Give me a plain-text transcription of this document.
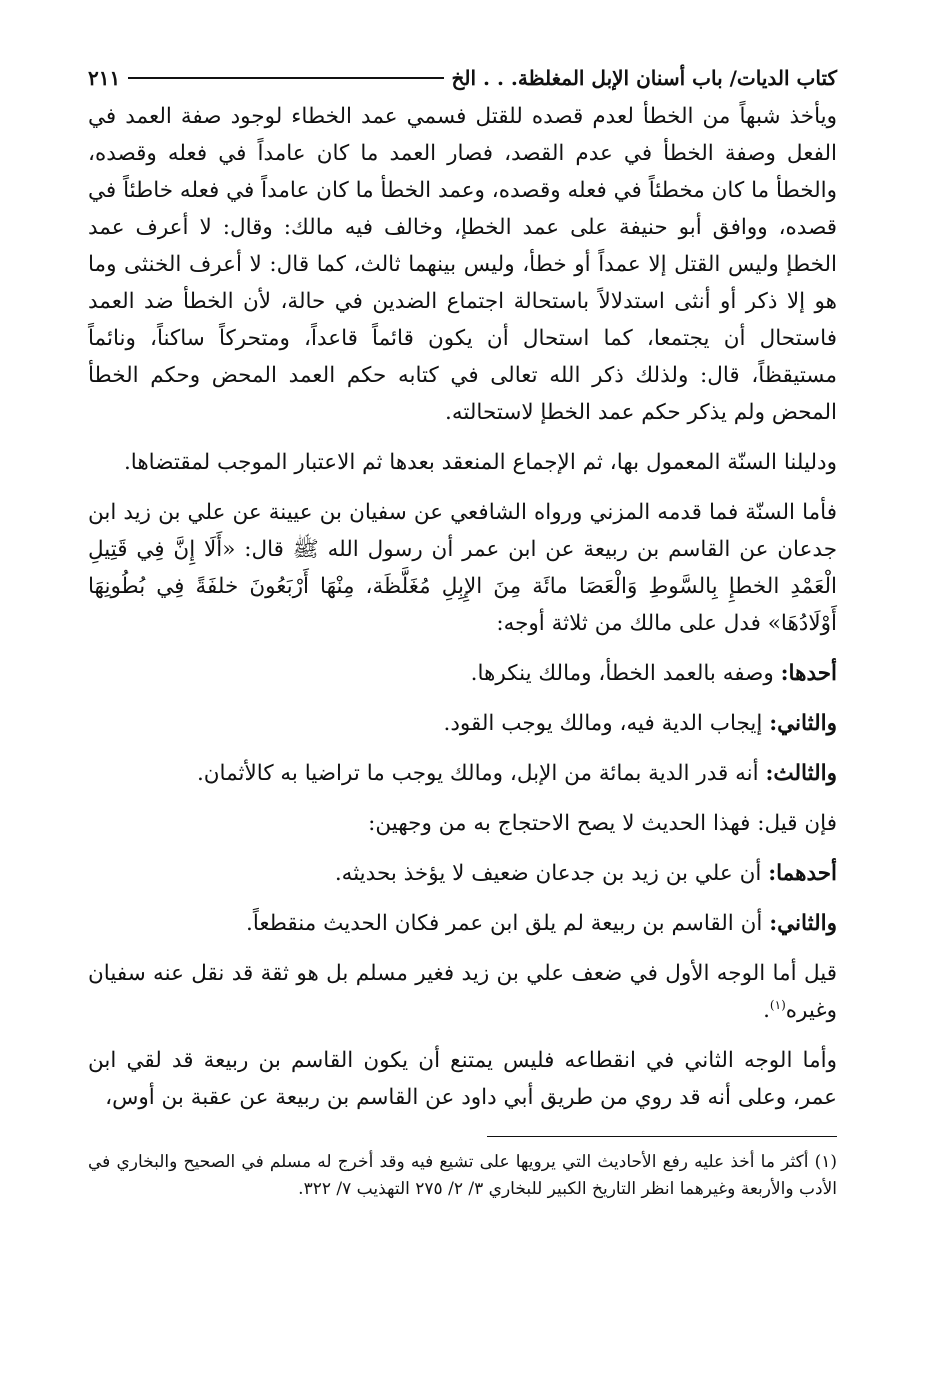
كتاب الديات/ باب أسنان الإبل المغلظة. . . الخ
٢١١

ويأخذ شبهاً من الخطأ لعدم قصده للقتل فسمي عمد الخطاء لوجود صفة العمد في الفعل وصفة الخطأ في عدم القصد، فصار العمد ما كان عامداً في فعله وقصده، والخطأ ما كان مخطئاً في فعله وقصده، وعمد الخطأ ما كان عامداً في فعله خاطئاً في قصده، ووافق أبو حنيفة على عمد الخطإ، وخالف فيه مالك: وقال: لا أعرف عمد الخطإ وليس القتل إلا عمداً أو خطأ، وليس بينهما ثالث، كما قال: لا أعرف الخنثى وما هو إلا ذكر أو أنثى استدلالاً باستحالة اجتماع الضدين في حالة، لأن الخطأ ضد العمد فاستحال أن يجتمعا، كما استحال أن يكون قائماً قاعداً، ومتحركاً ساكناً، ونائماً مستيقظاً، قال: ولذلك ذكر الله تعالى في كتابه حكم العمد المحض وحكم الخطأ المحض ولم يذكر حكم عمد الخطإ لاستحالته.

ودليلنا السنّة المعمول بها، ثم الإجماع المنعقد بعدها ثم الاعتبار الموجب لمقتضاها.

فأما السنّة فما قدمه المزني ورواه الشافعي عن سفيان بن عيينة عن علي بن زيد ابن جدعان عن القاسم بن ربيعة عن ابن عمر أن رسول الله ﷺ قال: «أَلَا إِنَّ فِي قَتِيلِ الْعَمْدِ الخطإِ بِالسَّوطِ وَالْعَصَا مائَة مِنَ الإِبِلِ مُغَلَّظَة، مِنْهَا أَرْبَعُونَ خلفَةً فِي بُطُونِهَا أَوْلَادُهَا» فدل على مالك من ثلاثة أوجه:

أحدها: وصفه بالعمد الخطأ، ومالك ينكرها.

والثاني: إيجاب الدية فيه، ومالك يوجب القود.

والثالث: أنه قدر الدية بمائة من الإبل، ومالك يوجب ما تراضيا به كالأثمان.

فإن قيل: فهذا الحديث لا يصح الاحتجاج به من وجهين:

أحدهما: أن علي بن زيد بن جدعان ضعيف لا يؤخذ بحديثه.

والثاني: أن القاسم بن ربيعة لم يلق ابن عمر فكان الحديث منقطعاً.

قيل أما الوجه الأول في ضعف علي بن زيد فغير مسلم بل هو ثقة قد نقل عنه سفيان وغيره$^{(١)}$.

وأما الوجه الثاني في انقطاعه فليس يمتنع أن يكون القاسم بن ربيعة قد لقي ابن عمر، وعلى أنه قد روي من طريق أبي داود عن القاسم بن ربيعة عن عقبة بن أوس،

(١) أكثر ما أخذ عليه رفع الأحاديث التي يرويها على تشيع فيه وقد أخرج له مسلم في الصحيح والبخاري في الأدب والأربعة وغيرهما انظر التاريخ الكبير للبخاري ٣/ ٢/ ٢٧٥ التهذيب ٧/ ٣٢٢.
